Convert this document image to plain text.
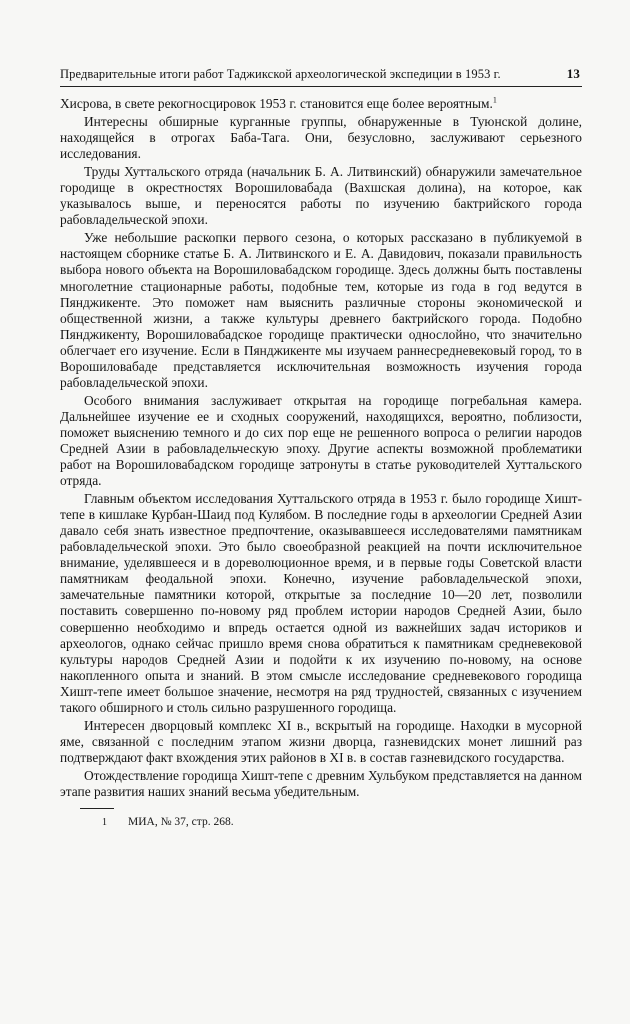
Предварительные итоги работ Таджикской археологической экспедиции в 1953 г.	13

Хисрова, в свете рекогносцировок 1953 г. становится еще более вероятным.$^1$

Интересны обширные курганные группы, обнаруженные в Туюнской долине, находящейся в отрогах Баба-Тага. Они, безусловно, заслуживают серьезного исследования.

Труды Хуттальского отряда (начальник Б. А. Литвинский) обнаружили замечательное городище в окрестностях Ворошиловабада (Вахшская долина), на которое, как указывалось выше, и переносятся работы по изучению бактрийского города рабовладельческой эпохи.

Уже небольшие раскопки первого сезона, о которых рассказано в публикуемой в настоящем сборнике статье Б. А. Литвинского и Е. А. Давидович, показали правильность выбора нового объекта на Ворошиловабадском городище. Здесь должны быть поставлены многолетние стационарные работы, подобные тем, которые из года в год ведутся в Пянджикенте. Это поможет нам выяснить различные стороны экономической и общественной жизни, а также культуры древнего бактрийского города. Подобно Пянджикенту, Ворошиловабадское городище практически однослойно, что значительно облегчает его изучение. Если в Пянджикенте мы изучаем раннесредневековый город, то в Ворошиловабаде представляется исключительная возможность изучения города рабовладельческой эпохи.

Особого внимания заслуживает открытая на городище погребальная камера. Дальнейшее изучение ее и сходных сооружений, находящихся, вероятно, поблизости, поможет выяснению темного и до сих пор еще не решенного вопроса о религии народов Средней Азии в рабовладельческую эпоху. Другие аспекты возможной проблематики работ на Ворошиловабадском городище затронуты в статье руководителей Хуттальского отряда.

Главным объектом исследования Хуттальского отряда в 1953 г. было городище Хишт-тепе в кишлаке Курбан-Шаид под Кулябом. В последние годы в археологии Средней Азии давало себя знать известное предпочтение, оказывавшееся исследователями памятникам рабовладельческой эпохи. Это было своеобразной реакцией на почти исключительное внимание, уделявшееся и в дореволюционное время, и в первые годы Советской власти памятникам феодальной эпохи. Конечно, изучение рабовладельческой эпохи, замечательные памятники которой, открытые за последние 10—20 лет, позволили поставить совершенно по-новому ряд проблем истории народов Средней Азии, было совершенно необходимо и впредь остается одной из важнейших задач историков и археологов, однако сейчас пришло время снова обратиться к памятникам средневековой культуры народов Средней Азии и подойти к их изучению по-новому, на основе накопленного опыта и знаний. В этом смысле исследование средневекового городища Хишт-тепе имеет большое значение, несмотря на ряд трудностей, связанных с изучением такого обширного и столь сильно разрушенного городища.

Интересен дворцовый комплекс XI в., вскрытый на городище. Находки в мусорной яме, связанной с последним этапом жизни дворца, газневидских монет лишний раз подтверждают факт вхождения этих районов в XI в. в состав газневидского государства.

Отождествление городища Хишт-тепе с древним Хульбуком представляется на данном этапе развития наших знаний весьма убедительным.

1 МИА, № 37, стр. 268.
